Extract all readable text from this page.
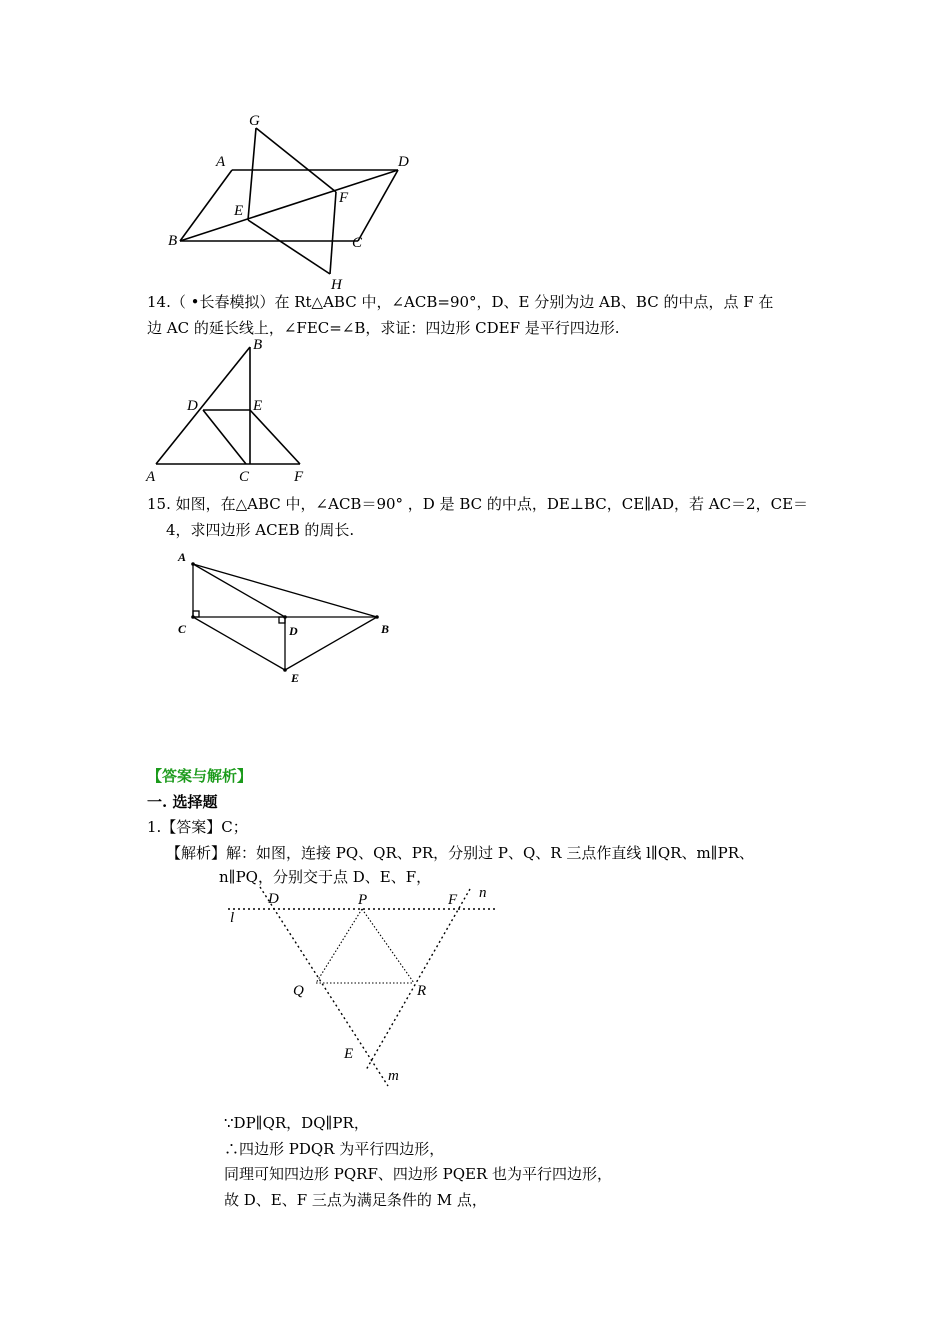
G
A	D
F
E
B	C
H
14.（ •长春模拟）在 Rt△ABC 中，∠ACB=90°，D、E 分别为边 AB、BC 的中点，点 F 在
边 AC 的延长线上，∠FEC=∠B，求证：四边形 CDEF 是平行四边形.
B
D	E
A	C	F
15. 如图，在△ABC 中，∠ACB＝90° ，D 是 BC 的中点，DE⊥BC，CE∥AD，若 AC＝2，CE＝
4，求四边形 ACEB 的周长.
A
C	D	B
E
【答案与解析】
一. 选择题
1.【答案】C；
【解析】解：如图，连接 PQ、QR、PR，分别过 P、Q、R 三点作直线 l∥QR、m∥PR、
n∥PQ，分别交于点 D、E、F，
l
D	P	F n
Q	R
E
m
∵DP∥QR，DQ∥PR，
∴四边形 PDQR 为平行四边形，
同理可知四边形 PQRF、四边形 PQER 也为平行四边形，
故 D、E、F 三点为满足条件的 M 点，
